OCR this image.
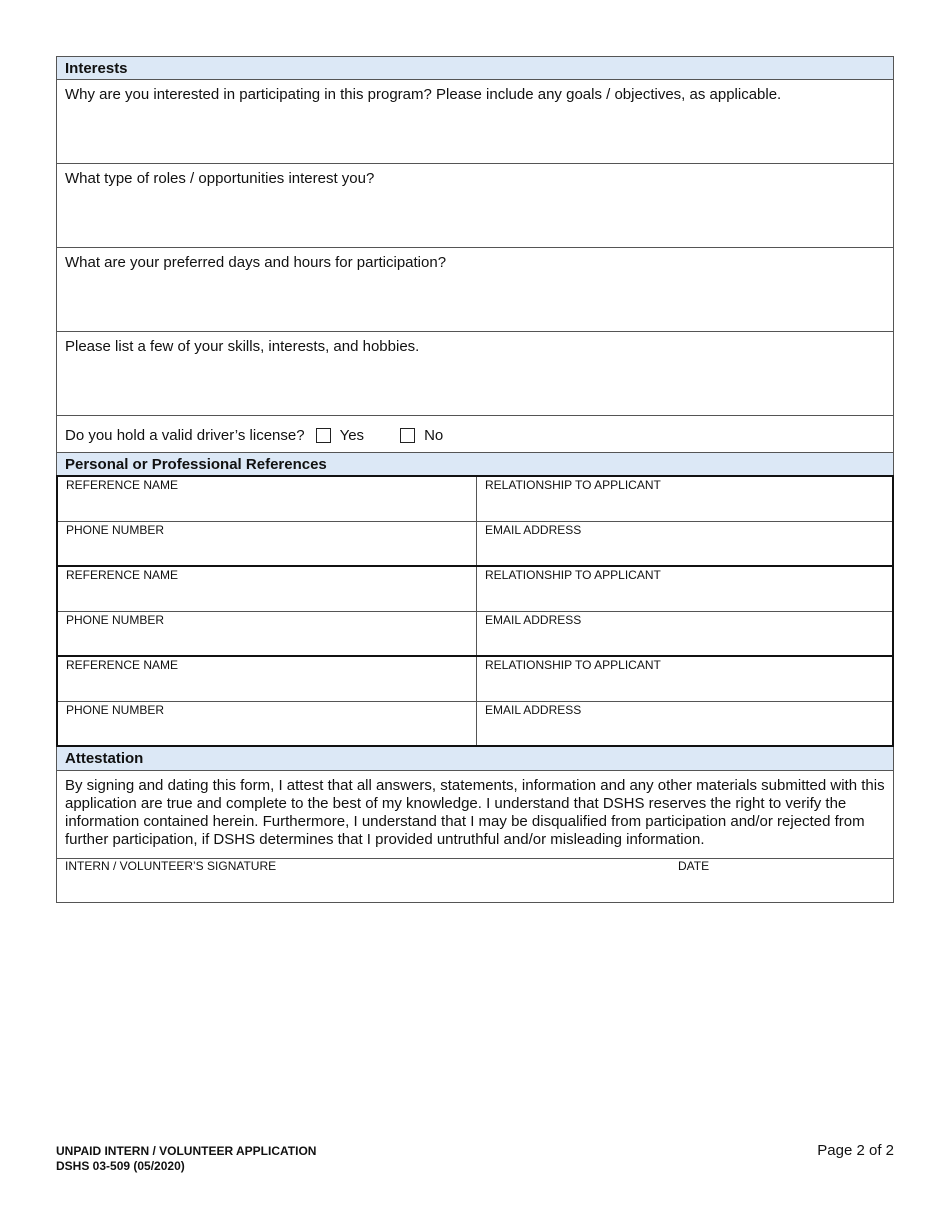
Interests
Why are you interested in participating in this program? Please include any goals / objectives, as applicable.
What type of roles / opportunities interest you?
What are your preferred days and hours for participation?
Please list a few of your skills, interests, and hobbies.
Do you hold a valid driver’s license? Yes	No
Personal or Professional References
REFERENCE NAME	RELATIONSHIP TO APPLICANT
PHONE NUMBER	EMAIL ADDRESS
REFERENCE NAME	RELATIONSHIP TO APPLICANT
PHONE NUMBER	EMAIL ADDRESS
REFERENCE NAME	RELATIONSHIP TO APPLICANT
PHONE NUMBER	EMAIL ADDRESS
Attestation
By signing and dating this form, I attest that all answers, statements, information and any other materials submitted with this application are true and complete to the best of my knowledge. I understand that DSHS reserves the right to verify the information contained herein. Furthermore, I understand that I may be disqualified from participation and/or rejected from further participation, if DSHS determines that I provided untruthful and/or misleading information.
INTERN / VOLUNTEER’S SIGNATURE	DATE
UNPAID INTERN / VOLUNTEER APPLICATION
DSHS 03-509 (05/2020)
Page 2 of 2
